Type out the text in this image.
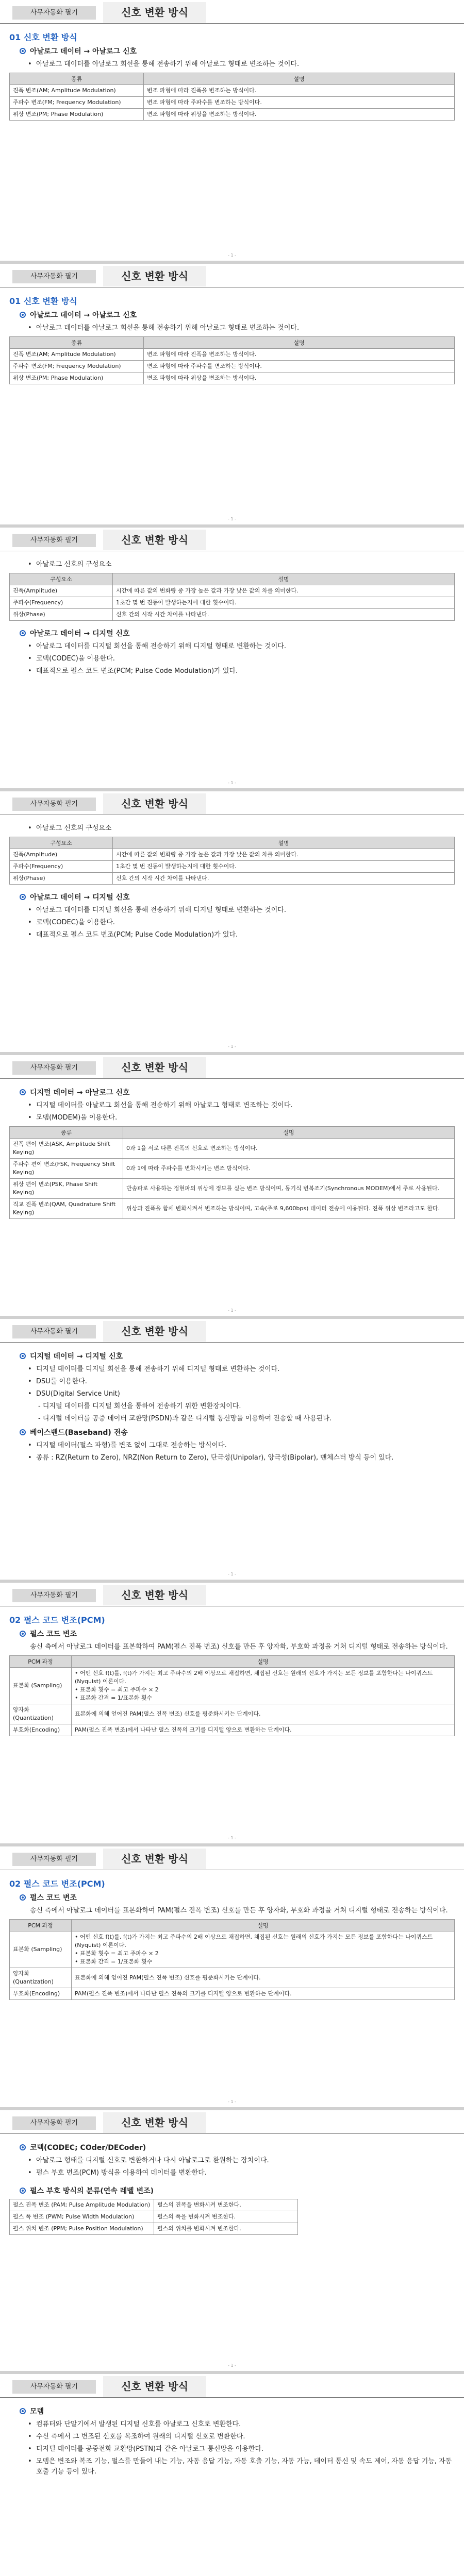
사무자동화 필기	신호 변환 방식
01 신호 변환 방식
아날로그 데이터 → 아날로그 신호
• 아날로그 데이터를 아날로그 회선을 통해 전송하기 위해 아날로그 형태로 변조하는 것이다.
종류	설명
진폭 변조(AM; Amplitude Modulation)	변조 파형에 따라 진폭을 변조하는 방식이다.
주파수 변조(FM; Frequency Modulation)	변조 파형에 따라 주파수를 변조하는 방식이다.
위상 변조(PM; Phase Modulation)	변조 파형에 따라 위상을 변조하는 방식이다.
- 1 -
사무자동화 필기	신호 변환 방식
01 신호 변환 방식
아날로그 데이터 → 아날로그 신호
• 아날로그 데이터를 아날로그 회선을 통해 전송하기 위해 아날로그 형태로 변조하는 것이다.
종류	설명
진폭 변조(AM; Amplitude Modulation)	변조 파형에 따라 진폭을 변조하는 방식이다.
주파수 변조(FM; Frequency Modulation)	변조 파형에 따라 주파수를 변조하는 방식이다.
위상 변조(PM; Phase Modulation)	변조 파형에 따라 위상을 변조하는 방식이다.
- 1 -
사무자동화 필기	신호 변환 방식
• 아날로그 신호의 구성요소
구성요소	설명
진폭(Amplitude)	시간에 따른 값의 변화량 중 가장 높은 값과 가장 낮은 값의 차를 의미한다.
주파수(Frequency)	1초간 몇 번 진동이 발생하는지에 대한 횟수이다.
위상(Phase)	신호 간의 시작 시간 차이를 나타낸다.
아날로그 데이터 → 디지털 신호
• 아날로그 데이터를 디지털 회선을 통해 전송하기 위해 디지털 형태로 변환하는 것이다.
• 코덱(CODEC)을 이용한다.
• 대표적으로 펄스 코드 변조(PCM; Pulse Code Modulation)가 있다.
- 1 -
사무자동화 필기	신호 변환 방식
• 아날로그 신호의 구성요소
구성요소	설명
진폭(Amplitude)	시간에 따른 값의 변화량 중 가장 높은 값과 가장 낮은 값의 차를 의미한다.
주파수(Frequency)	1초간 몇 번 진동이 발생하는지에 대한 횟수이다.
위상(Phase)	신호 간의 시작 시간 차이를 나타낸다.
아날로그 데이터 → 디지털 신호
• 아날로그 데이터를 디지털 회선을 통해 전송하기 위해 디지털 형태로 변환하는 것이다.
• 코덱(CODEC)을 이용한다.
• 대표적으로 펄스 코드 변조(PCM; Pulse Code Modulation)가 있다.
- 1 -
사무자동화 필기	신호 변환 방식
디지털 데이터 → 아날로그 신호
• 디지털 데이터를 아날로그 회선을 통해 전송하기 위해 아날로그 형태로 변조하는 것이다.
• 모뎀(MODEM)을 이용한다.
종류	설명
진폭 편이 변조(ASK, Amplitude Shift Keying)	0과 1을 서로 다른 진폭의 신호로 변조하는 방식이다.
주파수 편이 변조(FSK, Frequency Shift Keying)	0과 1에 따라 주파수를 변화시키는 변조 방식이다.
위상 편이 변조(PSK, Phase Shift Keying)	반송파로 사용하는 정현파의 위상에 정보를 싣는 변조 방식이며, 동기식 변복조기(Synchronous MODEM)에서 주로 사용된다.
직교 진폭 변조(QAM, Quadrature Shift Keying)	위상과 진폭을 함께 변화시켜서 변조하는 방식이며, 고속(주로 9,600bps) 데이터 전송에 이용된다. 진폭 위상 변조라고도 한다.
- 1 -
사무자동화 필기	신호 변환 방식
디지털 데이터 → 디지털 신호
• 디지털 데이터를 디지털 회선을 통해 전송하기 위해 디지털 형태로 변환하는 것이다.
• DSU를 이용한다.
• DSU(Digital Service Unit)
- 디지털 데이터를 디지털 회선을 통하여 전송하기 위한 변환장치이다.
- 디지털 데이터를 공중 데이터 교환망(PSDN)과 같은 디지털 통신망을 이용하여 전송할 때 사용된다.
베이스밴드(Baseband) 전송
• 디지털 데이터(펄스 파형)를 변조 없이 그대로 전송하는 방식이다.
• 종류 : RZ(Return to Zero), NRZ(Non Return to Zero), 단극성(Unipolar), 양극성(Bipolar), 맨체스터 방식 등이 있다.
- 1 -
사무자동화 필기	신호 변환 방식
02 펄스 코드 변조(PCM)
펄스 코드 변조
송신 측에서 아날로그 데이터를 표본화하여 PAM(펄스 진폭 변조) 신호를 만든 후 양자화, 부호화 과정을 거쳐 디지털 형태로 전송하는 방식이다.
PCM 과정	설명
표본화 (Sampling)	• 어떤 신호 f(t)를, f(t)가 가지는 최고 주파수의 2배 이상으로 채집하면, 채집된 신호는 원래의 신호가 가지는 모든 정보를 포함한다는 나이퀴스트(Nyquist) 이론이다.
• 표본화 횟수 = 최고 주파수 × 2
• 표본화 간격 = 1/표본화 횟수

양자화 (Quantization)	표본화에 의해 얻어진 PAM(펄스 진폭 변조) 신호를 평준화시키는 단계이다.
부호화(Encoding)	PAM(펄스 진폭 변조)에서 나타난 펄스 진폭의 크기를 디지털 양으로 변환하는 단계이다.
- 1 -
사무자동화 필기	신호 변환 방식
02 펄스 코드 변조(PCM)
펄스 코드 변조
송신 측에서 아날로그 데이터를 표본화하여 PAM(펄스 진폭 변조) 신호를 만든 후 양자화, 부호화 과정을 거쳐 디지털 형태로 전송하는 방식이다.
PCM 과정	설명
표본화 (Sampling)	• 어떤 신호 f(t)를, f(t)가 가지는 최고 주파수의 2배 이상으로 채집하면, 채집된 신호는 원래의 신호가 가지는 모든 정보를 포함한다는 나이퀴스트(Nyquist) 이론이다.
• 표본화 횟수 = 최고 주파수 × 2
• 표본화 간격 = 1/표본화 횟수

양자화 (Quantization)	표본화에 의해 얻어진 PAM(펄스 진폭 변조) 신호를 평준화시키는 단계이다.
부호화(Encoding)	PAM(펄스 진폭 변조)에서 나타난 펄스 진폭의 크기를 디지털 양으로 변환하는 단계이다.
- 1 -
사무자동화 필기	신호 변환 방식
코덱(CODEC; COder/DECoder)
• 아날로그 형태를 디지털 신호로 변환하거나 다시 아날로그로 환원하는 장치이다.
• 펄스 부호 변조(PCM) 방식을 이용하여 데이터를 변환한다.
펄스 부호 방식의 분류(연속 레벨 변조)
펄스 진폭 변조 (PAM; Pulse Amplitude Modulation)	펄스의 진폭을 변화시켜 변조한다.
펄스 폭 변조 (PWM; Pulse Width Modulation)	펄스의 폭을 변화시켜 변조한다.
펄스 위치 변조 (PPM; Pulse Position Modulation)	펄스의 위치를 변화시켜 변조한다.
- 1 -
사무자동화 필기	신호 변환 방식
모뎀
• 컴퓨터와 단말기에서 발생된 디지털 신호를 아날로그 신호로 변환한다.
• 수신 측에서 그 변조된 신호를 복조하여 원래의 디지털 신호로 변환한다.
• 디지털 데이터를 공중전화 교환망(PSTN)과 같은 아날로그 통신망을 이용한다.
• 모뎀은 변조와 복조 기능, 펄스를 만들어 내는 기능, 자동 응답 기능, 자동 호출 기능, 자동 가능, 데이터 통신 및 속도 제어, 자동 응답 기능, 자동 호출 기능 등이 있다.
